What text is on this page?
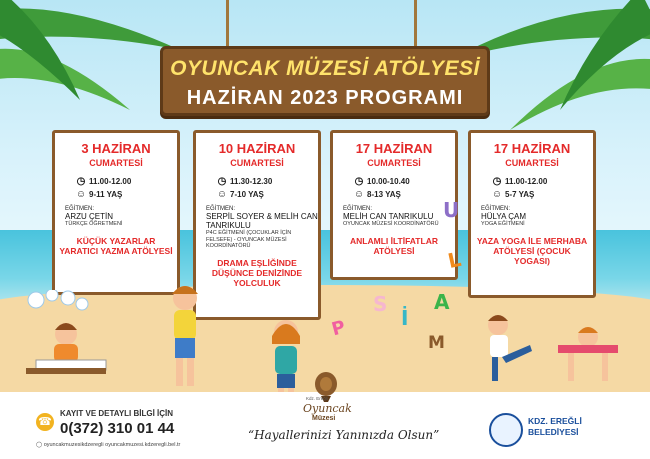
OYUNCAK MÜZESİ ATÖLYESİ
HAZİRAN 2023 PROGRAMI
3 HAZİRAN
CUMARTESİ
◷ 11.00-12.00
☺ 9-11 YAŞ
EĞİTMEN:
ARZU ÇETİN
TÜRKÇE ÖĞRETMENİ
KÜÇÜK YAZARLAR YARATICI YAZMA ATÖLYESİ
10 HAZİRAN
CUMARTESİ
◷ 11.30-12.30
☺ 7-10 YAŞ
EĞİTMEN:
SERPİL SOYER & MELİH CAN TANRIKULU
P4C EĞİTMENİ (ÇOCUKLAR İÇİN FELSEFE) - OYUNCAK MÜZESİ KOORDİNATÖRÜ
DRAMA EŞLİĞİNDE DÜŞÜNCE DENİZİNDE YOLCULUK
17 HAZİRAN
CUMARTESİ
◷ 10.00-10.40
☺ 8-13 YAŞ
EĞİTMEN:
MELİH CAN TANRIKULU
OYUNCAK MÜZESİ KOORDİNATÖRÜ
ANLAMLI İLTİFATLAR ATÖLYESİ
17 HAZİRAN
CUMARTESİ
◷ 11.00-12.00
☺ 5-7 YAŞ
EĞİTMEN:
HÜLYA ÇAM
YOGA EĞİTMENİ
YAZA YOGA İLE MERHABA ATÖLYESİ (ÇOCUK YOGASI)
U
L
A
M
İ
S
P
☎
KAYIT VE DETAYLI BİLGİ İÇİN
0(372) 310 01 44
◯ oyuncakmuzesikdzeregli oyuncakmuzesi.kdzeregli.bel.tr
Kdz. Ereğli
Oyuncak
Müzesi
“Hayallerinizi Yanınızda Olsun”
KDZ. EREĞLİ
BELEDİYESİ
